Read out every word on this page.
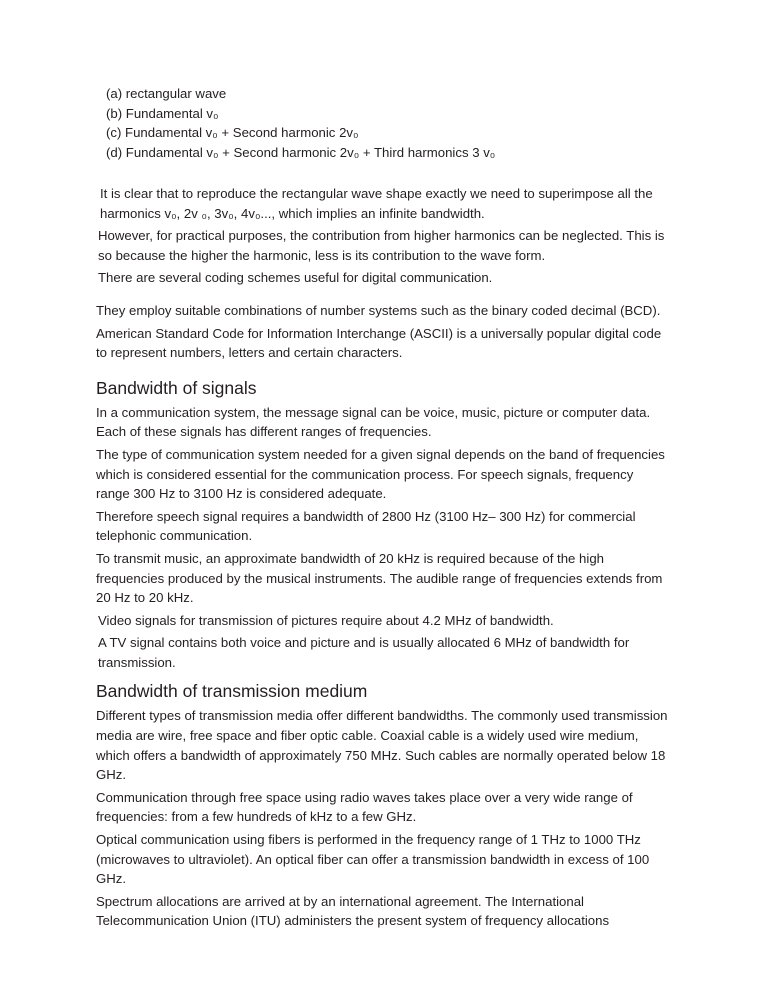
(a) rectangular wave
(b) Fundamental v₀
(c) Fundamental v₀ + Second harmonic 2v₀
(d) Fundamental v₀ + Second harmonic 2v₀ + Third harmonics 3 v₀

It is clear that to reproduce the rectangular wave shape exactly we need to superimpose all the harmonics v₀, 2v ₀, 3v₀, 4v₀..., which implies an infinite bandwidth.

However, for practical purposes, the contribution from higher harmonics can be neglected. This is so because the higher the harmonic, less is its contribution to the wave form.

There are several coding schemes useful for digital communication.

They employ suitable combinations of number systems such as the binary coded decimal (BCD).

American Standard Code for Information Interchange (ASCII) is a universally popular digital code to represent numbers, letters and certain characters.

Bandwidth of signals

In a communication system, the message signal can be voice, music, picture or computer data. Each of these signals has different ranges of frequencies.

The type of communication system needed for a given signal depends on the band of frequencies which is considered essential for the communication process. For speech signals, frequency range 300 Hz to 3100 Hz is considered adequate.

Therefore speech signal requires a bandwidth of 2800 Hz (3100 Hz– 300 Hz) for commercial telephonic communication.

To transmit music, an approximate bandwidth of 20 kHz is required because of the high frequencies produced by the musical instruments. The audible range of frequencies extends from 20 Hz to 20 kHz.

Video signals for transmission of pictures require about 4.2 MHz of bandwidth.

A TV signal contains both voice and picture and is usually allocated 6 MHz of bandwidth for transmission.

Bandwidth of transmission medium

Different types of transmission media offer different bandwidths. The commonly used transmission media are wire, free space and fiber optic cable. Coaxial cable is a widely used wire medium, which offers a bandwidth of approximately 750 MHz. Such cables are normally operated below 18 GHz.

Communication through free space using radio waves takes place over a very wide range of frequencies: from a few hundreds of kHz to a few GHz.

Optical communication using fibers is performed in the frequency range of 1 THz to 1000 THz (microwaves to ultraviolet). An optical fiber can offer a transmission bandwidth in excess of 100 GHz.

Spectrum allocations are arrived at by an international agreement. The International Telecommunication Union (ITU) administers the present system of frequency allocations
